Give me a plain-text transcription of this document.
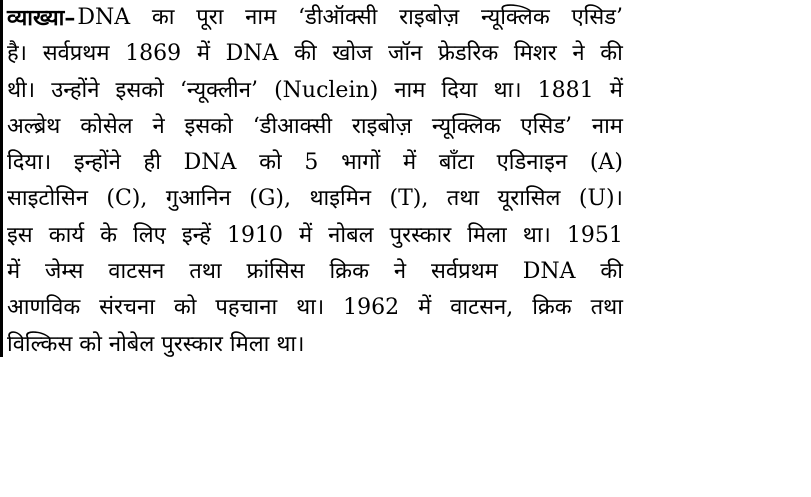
व्याख्या – DNA का पूरा नाम ‘डीऑक्सी राइबोज़ न्यूक्लिक एसिड’
है। सर्वप्रथम 1869 में DNA की खोज जॉन फ्रेडरिक मिशर ने की
थी। उन्होंने इसको ‘न्यूक्लीन’ (Nuclein) नाम दिया था। 1881 में
अल्ब्रेथ कोसेल ने इसको ‘डीआक्सी राइबोज़ न्यूक्लिक एसिड’ नाम
दिया। इन्होंने ही DNA को 5 भागों में बाँटा एडिनाइन (A)
साइटोसिन (C), गुआनिन (G), थाइमिन (T), तथा यूरासिल (U)।
इस कार्य के लिए इन्हें 1910 में नोबल पुरस्कार मिला था। 1951
में जेम्स वाटसन तथा फ्रांसिस क्रिक ने सर्वप्रथम DNA की
आणविक संरचना को पहचाना था। 1962 में वाटसन, क्रिक तथा
विल्किस को नोबेल पुरस्कार मिला था।
